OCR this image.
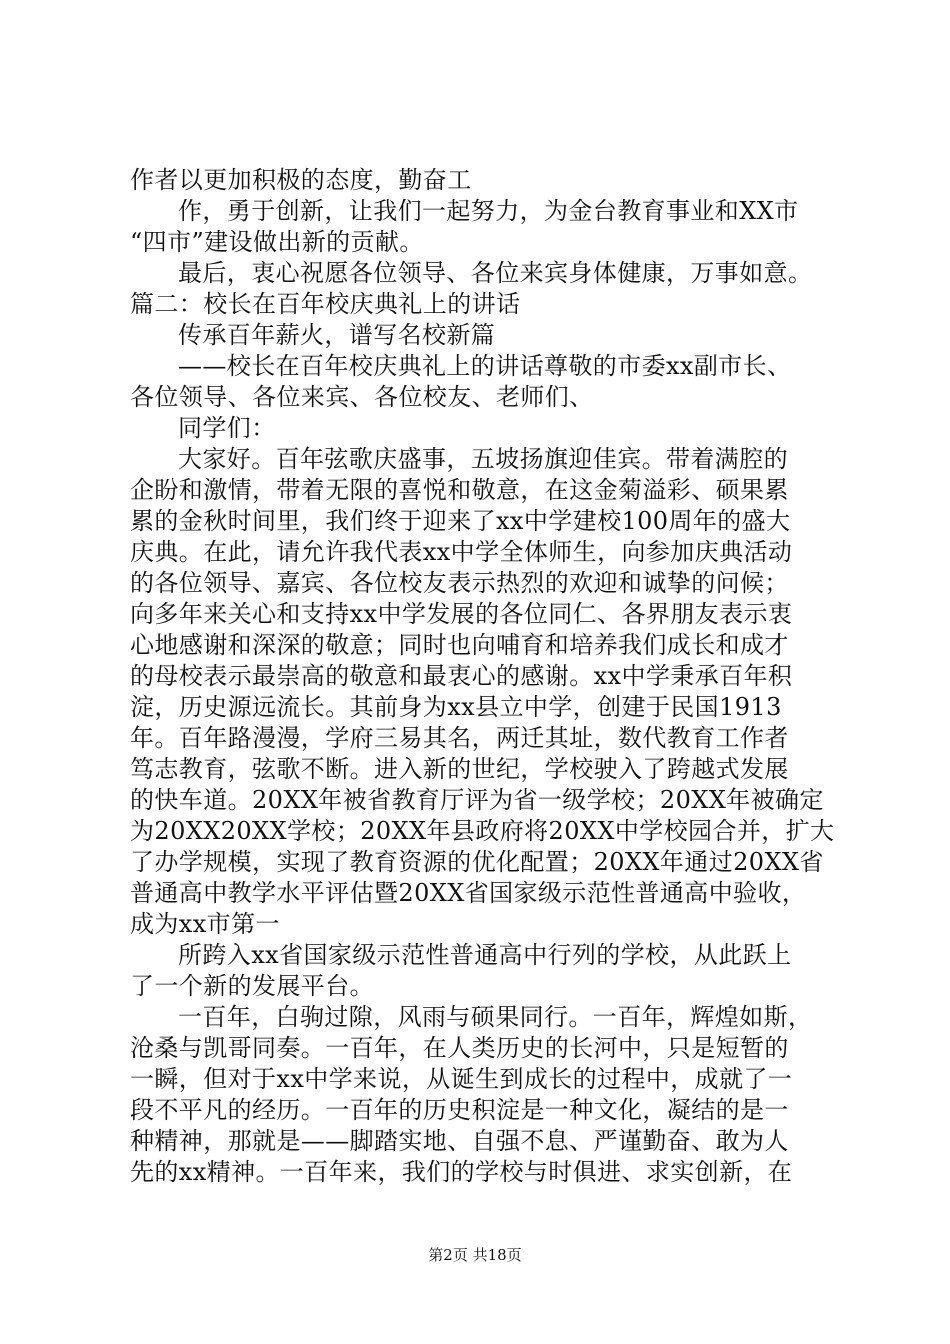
作者以更加积极的态度，勤奋工
作，勇于创新，让我们一起努力，为金台教育事业和XX市
“四市”建设做出新的贡献。
最后，衷心祝愿各位领导、各位来宾身体健康，万事如意。
篇二：校长在百年校庆典礼上的讲话
传承百年薪火，谱写名校新篇
——校长在百年校庆典礼上的讲话尊敬的市委xx副市长、
各位领导、各位来宾、各位校友、老师们、
同学们：
大家好。百年弦歌庆盛事，五坡扬旗迎佳宾。带着满腔的
企盼和激情，带着无限的喜悦和敬意，在这金菊溢彩、硕果累
累的金秋时间里，我们终于迎来了xx中学建校100周年的盛大
庆典。在此，请允许我代表xx中学全体师生，向参加庆典活动
的各位领导、嘉宾、各位校友表示热烈的欢迎和诚挚的问候；
向多年来关心和支持xx中学发展的各位同仁、各界朋友表示衷
心地感谢和深深的敬意；同时也向哺育和培养我们成长和成才
的母校表示最崇高的敬意和最衷心的感谢。xx中学秉承百年积
淀，历史源远流长。其前身为xx县立中学，创建于民国1913
年。百年路漫漫，学府三易其名，两迁其址，数代教育工作者
笃志教育，弦歌不断。进入新的世纪，学校驶入了跨越式发展
的快车道。20XX年被省教育厅评为省一级学校；20XX年被确定
为20XX20XX学校；20XX年县政府将20XX中学校园合并，扩大
了办学规模，实现了教育资源的优化配置；20XX年通过20XX省
普通高中教学水平评估暨20XX省国家级示范性普通高中验收，
成为xx市第一
所跨入xx省国家级示范性普通高中行列的学校，从此跃上
了一个新的发展平台。
一百年，白驹过隙，风雨与硕果同行。一百年，辉煌如斯，
沧桑与凯哥同奏。一百年，在人类历史的长河中，只是短暂的
一瞬，但对于xx中学来说，从诞生到成长的过程中，成就了一
段不平凡的经历。一百年的历史积淀是一种文化，凝结的是一
种精神，那就是——脚踏实地、自强不息、严谨勤奋、敢为人
先的xx精神。一百年来，我们的学校与时俱进、求实创新，在
第2页 共18页
